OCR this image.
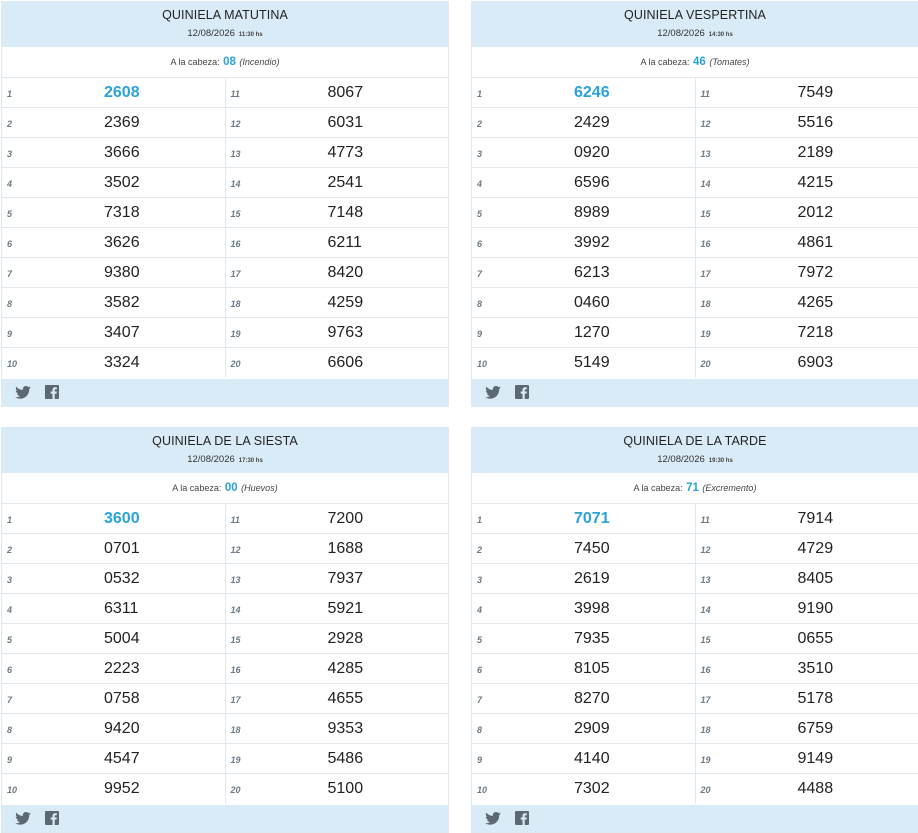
QUINIELA MATUTINA
12/08/2026 11:30 hs
A la cabeza: 08 (Incendio)
1	2608	11	8067
2	2369	12	6031
3	3666	13	4773
4	3502	14	2541
5	7318	15	7148
6	3626	16	6211
7	9380	17	8420
8	3582	18	4259
9	3407	19	9763
10	3324	20	6606
QUINIELA VESPERTINA
12/08/2026 14:30 hs
A la cabeza: 46 (Tomates)
1	6246	11	7549
2	2429	12	5516
3	0920	13	2189
4	6596	14	4215
5	8989	15	2012
6	3992	16	4861
7	6213	17	7972
8	0460	18	4265
9	1270	19	7218
10	5149	20	6903
QUINIELA DE LA SIESTA
12/08/2026 17:30 hs
A la cabeza: 00 (Huevos)
1	3600	11	7200
2	0701	12	1688
3	0532	13	7937
4	6311	14	5921
5	5004	15	2928
6	2223	16	4285
7	0758	17	4655
8	9420	18	9353
9	4547	19	5486
10	9952	20	5100
QUINIELA DE LA TARDE
12/08/2026 19:30 hs
A la cabeza: 71 (Excremento)
1	7071	11	7914
2	7450	12	4729
3	2619	13	8405
4	3998	14	9190
5	7935	15	0655
6	8105	16	3510
7	8270	17	5178
8	2909	18	6759
9	4140	19	9149
10	7302	20	4488
